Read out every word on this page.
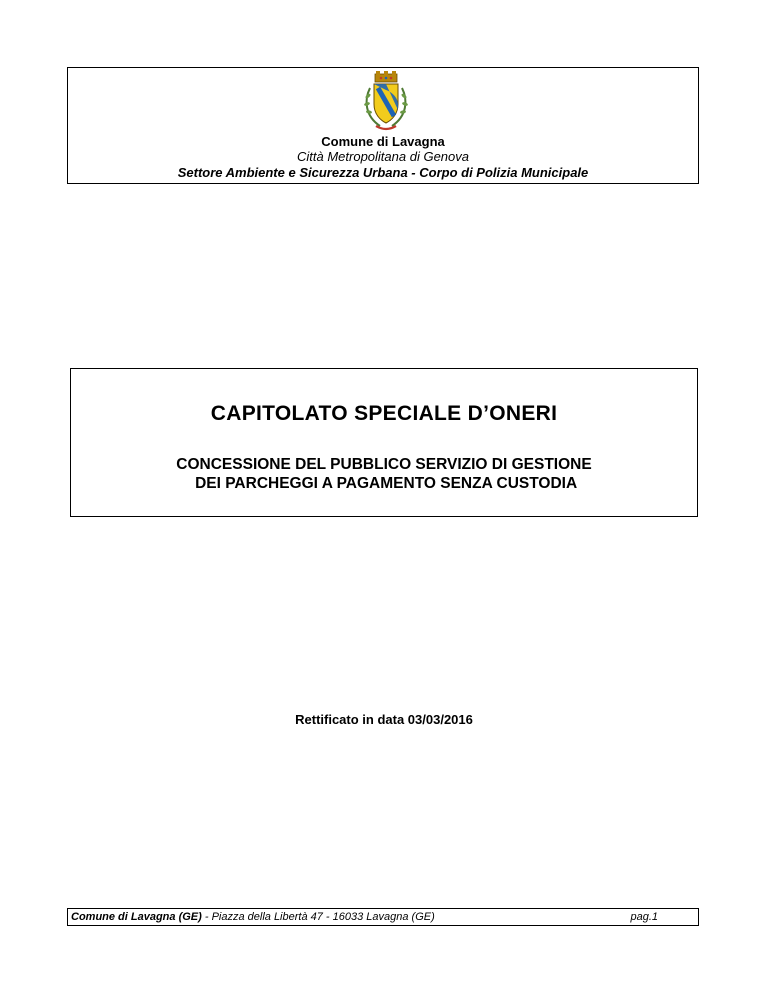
Comune di Lavagna
Città Metropolitana di Genova
Settore Ambiente e Sicurezza Urbana - Corpo di Polizia Municipale
CAPITOLATO SPECIALE D’ONERI
CONCESSIONE DEL PUBBLICO SERVIZIO DI GESTIONE
DEI PARCHEGGI A PAGAMENTO SENZA CUSTODIA
Rettificato in data 03/03/2016
Comune di Lavagna (GE) - Piazza della Libertà 47 - 16033 Lavagna (GE)	pag.1
